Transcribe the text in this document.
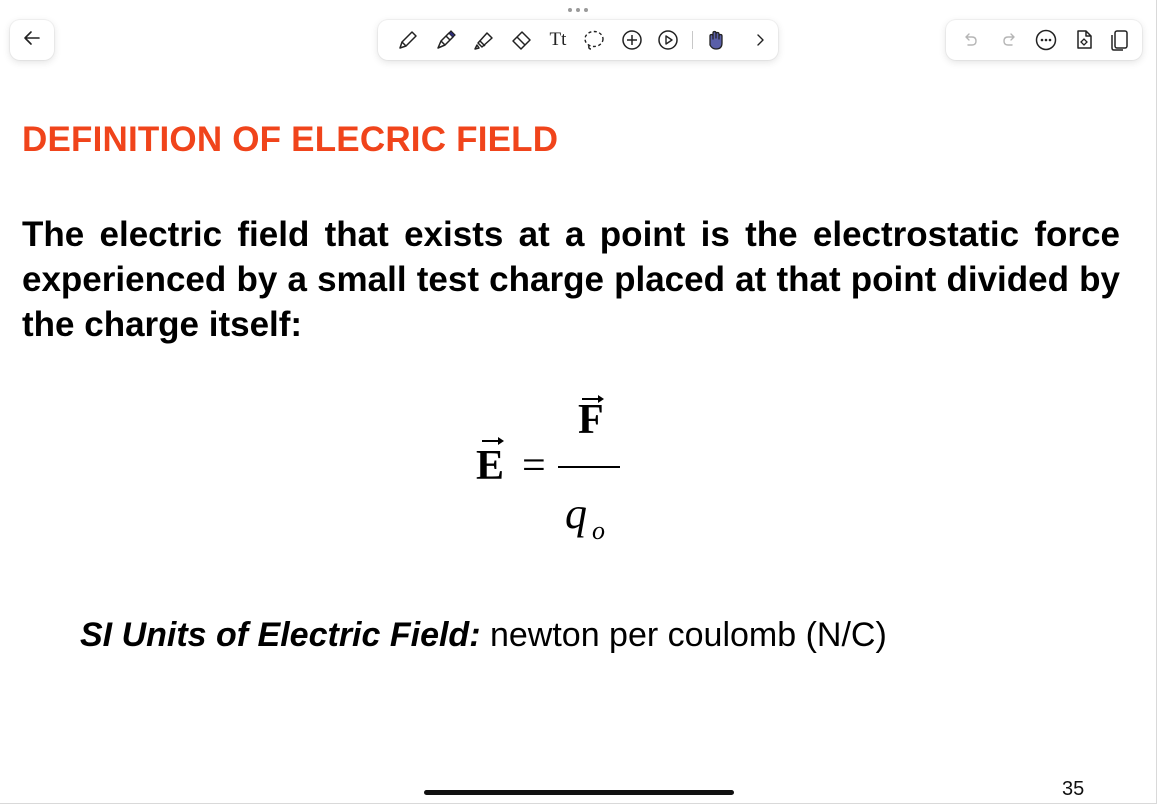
Tt
DEFINITION OF ELECRIC FIELD

The electric field that exists at a point is the electrostatic force experienced by a small test charge placed at that point divided by the charge itself:

E =
F
q o

SI Units of Electric Field: newton per coulomb (N/C)

35
